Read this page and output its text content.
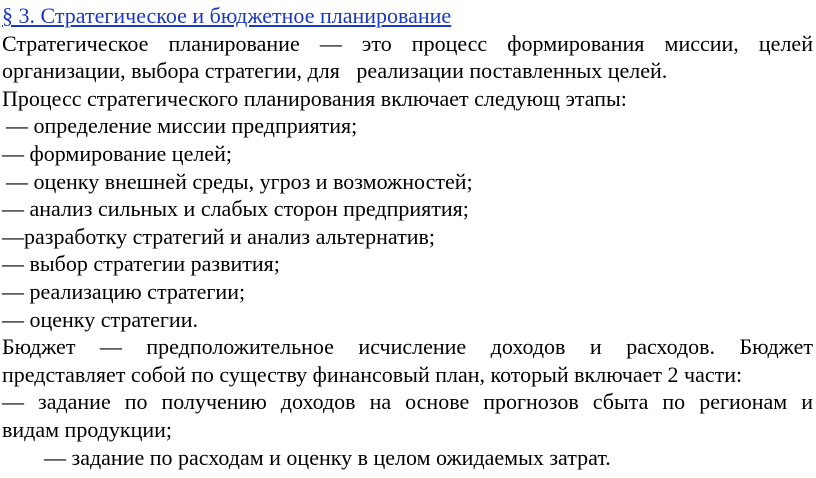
§ 3. Стратегическое и бюджетное планирование
Стратегическое планирование — это процесс формирования миссии, целей
организации, выбора стратегии, для   реализации поставленных целей.
Процесс стратегического планирования включает следующ этапы:
— определение миссии предприятия;
— формирование целей;
— оценку внешней среды, угроз и возможностей;
— анализ сильных и слабых сторон предприятия;
—разработку стратегий и анализ альтернатив;
— выбор стратегии развития;
— реализацию стратегии;
— оценку стратегии.
Бюджет — предположительное исчисление доходов и расходов. Бюджет
представляет собой по существу финансовый план, который включает 2 части:
— задание по получению доходов на основе прогнозов сбыта по регионам и
видам продукции;
— задание по расходам и оценку в целом ожидаемых затрат.
